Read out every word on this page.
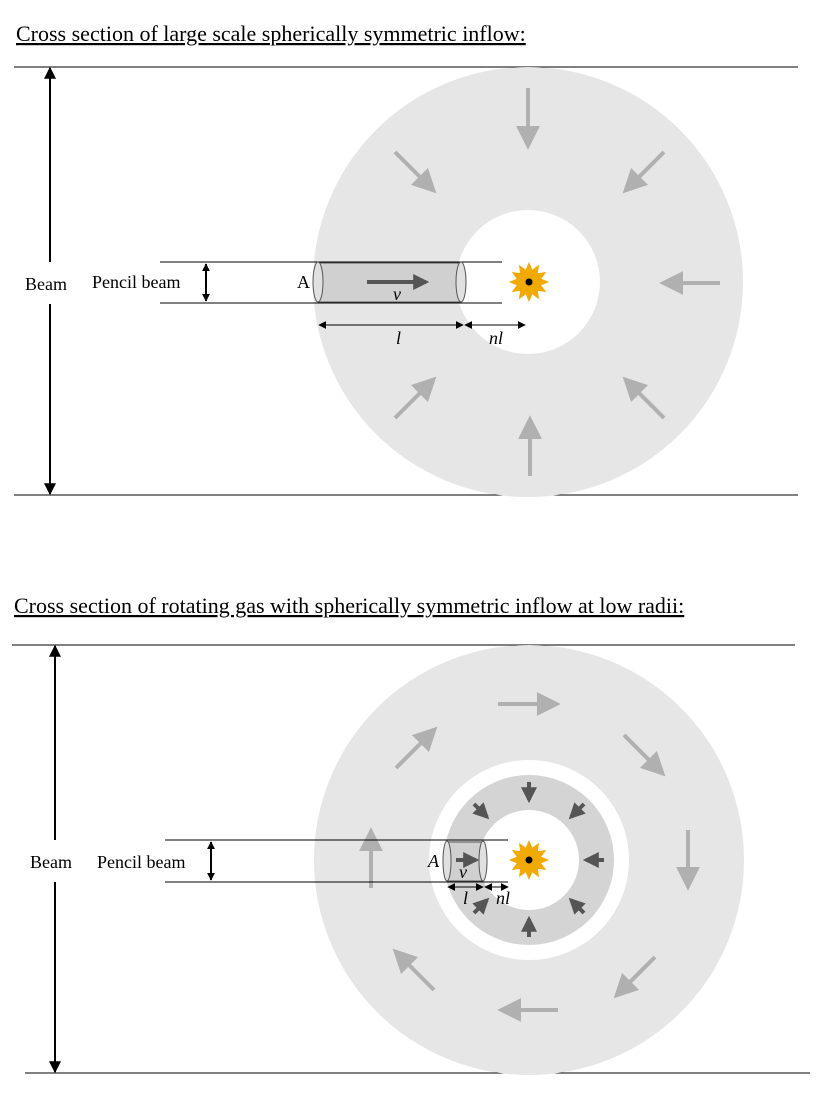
Cross section of large scale spherically symmetric inflow:
Beam Pencil beam	A
v
l	nl
Cross section of rotating gas with spherically symmetric inflow at low radii:
Beam Pencil beam	A
v
l nl
